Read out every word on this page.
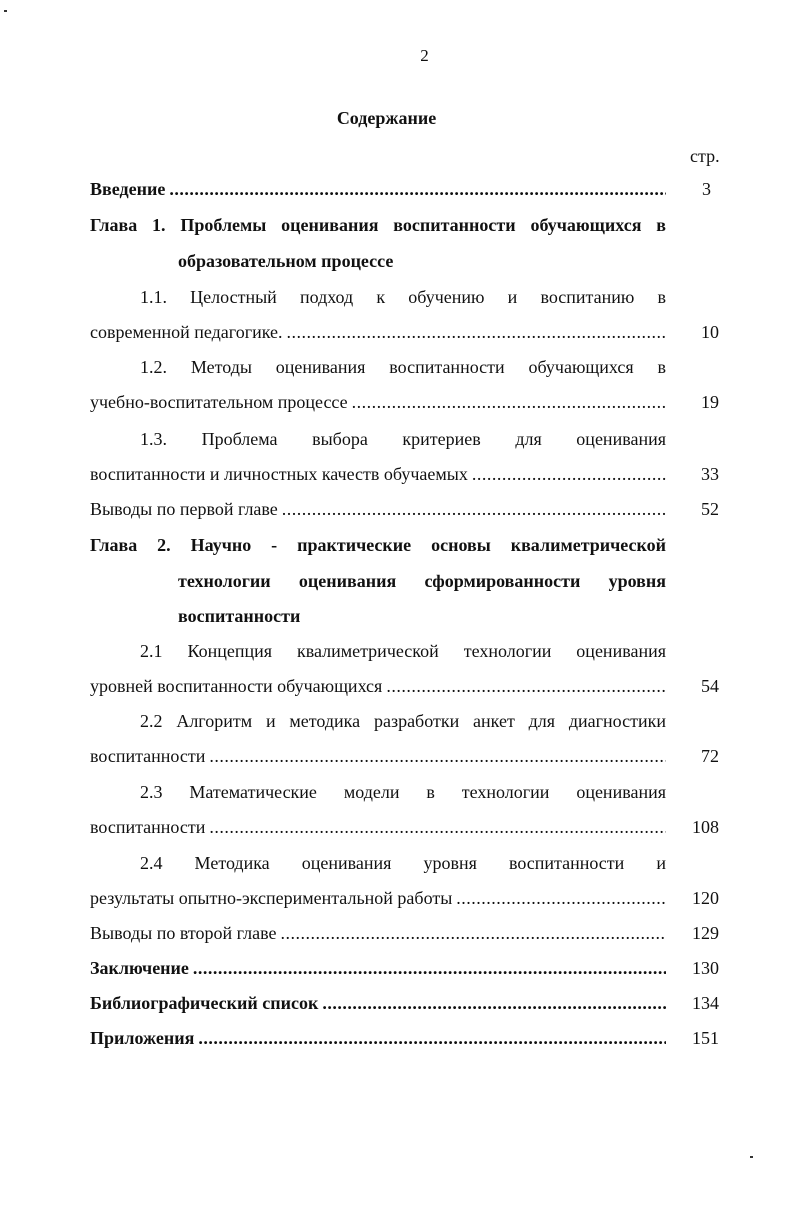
2
Содержание
стр.
Введение .....	3
Глава 1. Проблемы оценивания воспитанности обучающихся в
образовательном процессе
1.1. Целостный подход к обучению и воспитанию в
современной педагогике. .....	10
1.2. Методы оценивания воспитанности обучающихся в
учебно-воспитательном процессе .....	19
1.3. Проблема выбора критериев для оценивания
воспитанности и личностных качеств обучаемых .....	33
Выводы по первой главе .....	52
Глава 2. Научно - практические основы квалиметрической
технологии оценивания сформированности уровня
воспитанности
2.1 Концепция квалиметрической технологии оценивания
уровней воспитанности обучающихся .....	54
2.2 Алгоритм и методика разработки анкет для диагностики
воспитанности .....	72
2.3 Математические модели в технологии оценивания
воспитанности .....	108
2.4 Методика оценивания уровня воспитанности и
результаты опытно-экспериментальной работы .....	120
Выводы по второй главе .....	129
Заключение .....	130
Библиографический список .....	134
Приложения .....	151
